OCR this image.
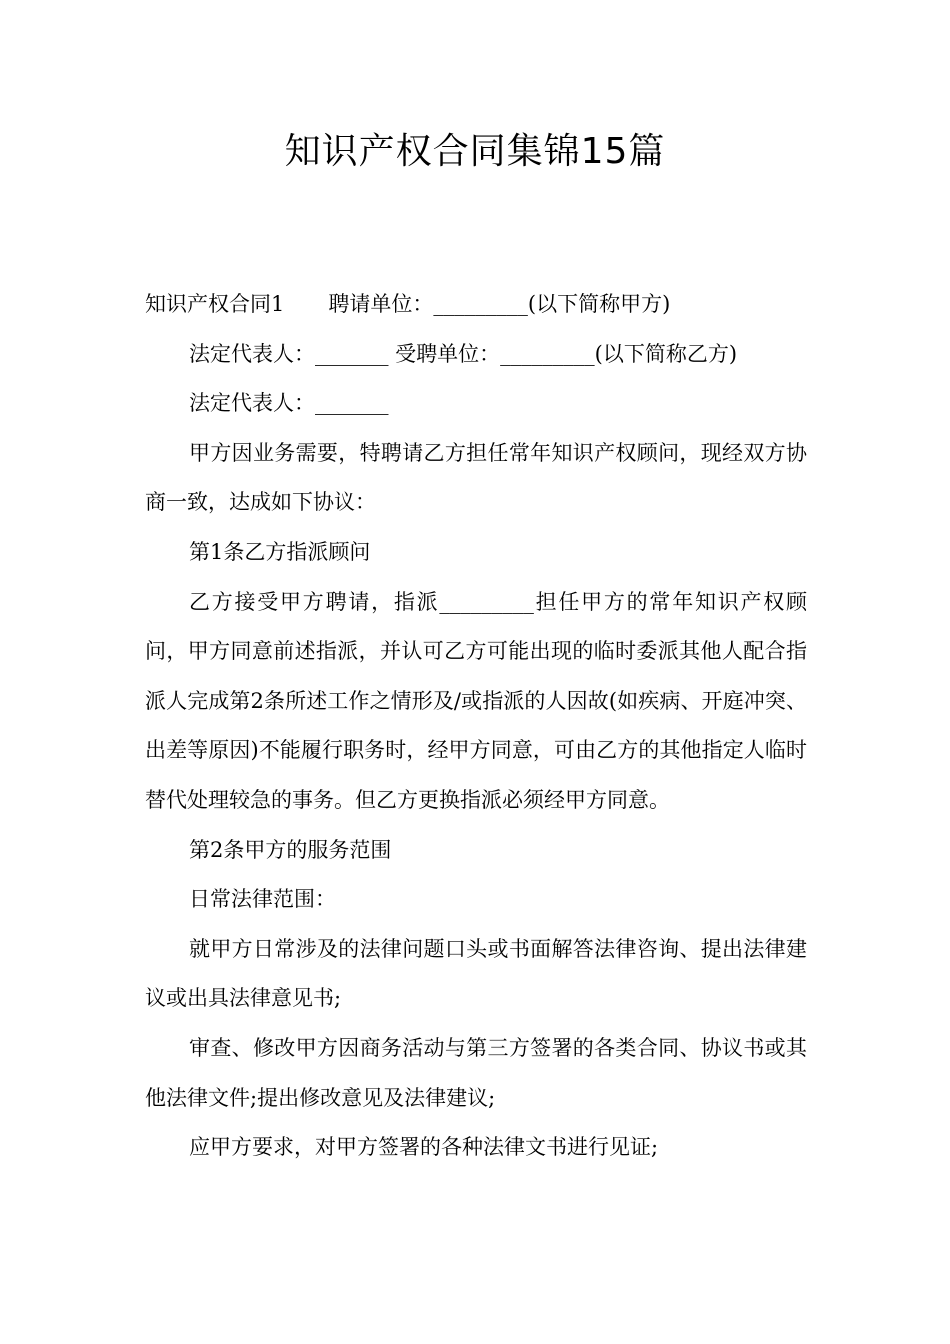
知识产权合同集锦15篇

知识产权合同1 聘请单位：_________(以下简称甲方)

法定代表人：_______ 受聘单位：_________(以下简称乙方)

法定代表人：_______

甲方因业务需要，特聘请乙方担任常年知识产权顾问，现经双方协商一致，达成如下协议：

第1条乙方指派顾问

乙方接受甲方聘请，指派_________担任甲方的常年知识产权顾问，甲方同意前述指派，并认可乙方可能出现的临时委派其他人配合指派人完成第2条所述工作之情形及/或指派的人因故(如疾病、开庭冲突、出差等原因)不能履行职务时，经甲方同意，可由乙方的其他指定人临时替代处理较急的事务。但乙方更换指派必须经甲方同意。

第2条甲方的服务范围

日常法律范围：

就甲方日常涉及的法律问题口头或书面解答法律咨询、提出法律建议或出具法律意见书;

审查、修改甲方因商务活动与第三方签署的各类合同、协议书或其他法律文件;提出修改意见及法律建议;

应甲方要求，对甲方签署的各种法律文书进行见证;
